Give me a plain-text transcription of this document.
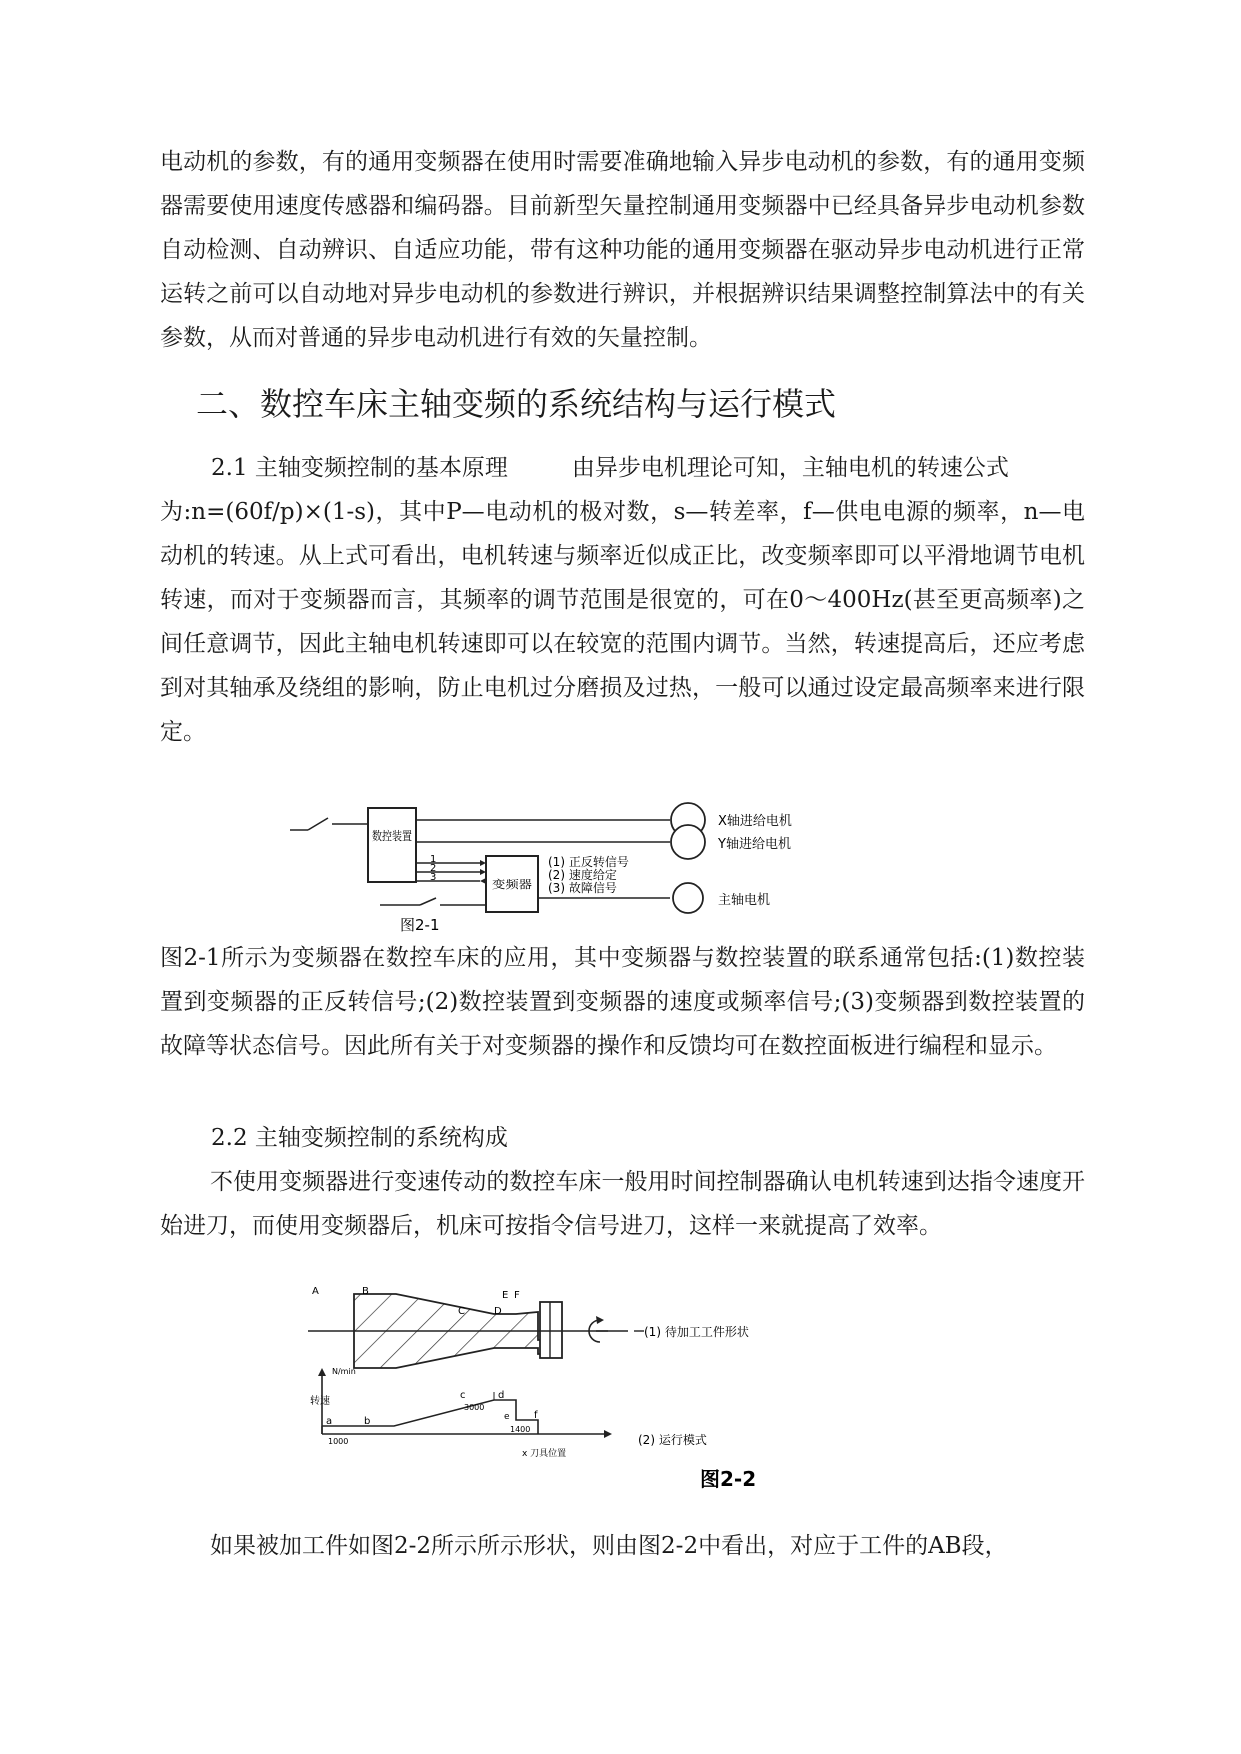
电动机的参数，有的通用变频器在使用时需要准确地输入异步电动机的参数，有的通用变频器需要使用速度传感器和编码器。目前新型矢量控制通用变频器中已经具备异步电动机参数自动检测、自动辨识、自适应功能，带有这种功能的通用变频器在驱动异步电动机进行正常运转之前可以自动地对异步电动机的参数进行辨识，并根据辨识结果调整控制算法中的有关参数，从而对普通的异步电动机进行有效的矢量控制。

二、数控车床主轴变频的系统结构与运行模式

2.1 主轴变频控制的基本原理	由异步电机理论可知，主轴电机的转速公式

为:n=(60f/p)×(1-s)，其中P—电动机的极对数，s—转差率，f—供电电源的频率，n—电动机的转速。从上式可看出，电机转速与频率近似成正比，改变频率即可以平滑地调节电机转速，而对于变频器而言，其频率的调节范围是很宽的，可在0～400Hz(甚至更高频率)之间任意调节，因此主轴电机转速即可以在较宽的范围内调节。当然，转速提高后，还应考虑到对其轴承及绕组的影响，防止电机过分磨损及过热，一般可以通过设定最高频率来进行限定。

数控装置
X轴进给电机
Y轴进给电机
1
2
3
变频器
(1) 正反转信号
(2) 速度给定
(3) 故障信号
主轴电机
图2-1

图2-1所示为变频器在数控车床的应用，其中变频器与数控装置的联系通常包括:(1)数控装置到变频器的正反转信号;(2)数控装置到变频器的速度或频率信号;(3)变频器到数控装置的故障等状态信号。因此所有关于对变频器的操作和反馈均可在数控面板进行编程和显示。

2.2 主轴变频控制的系统构成

不使用变频器进行变速传动的数控车床一般用时间控制器确认电机转速到达指令速度开始进刀，而使用变频器后，机床可按指令信号进刀，这样一来就提高了效率。

A	B
C	D
E F
(1) 待加工工件形状
转速
N/min
a	b
c	d
e f
1000
3000
1400
x 刀具位置
(2) 运行模式
图2-2

如果被加工件如图2-2所示所示形状，则由图2-2中看出，对应于工件的AB段，
